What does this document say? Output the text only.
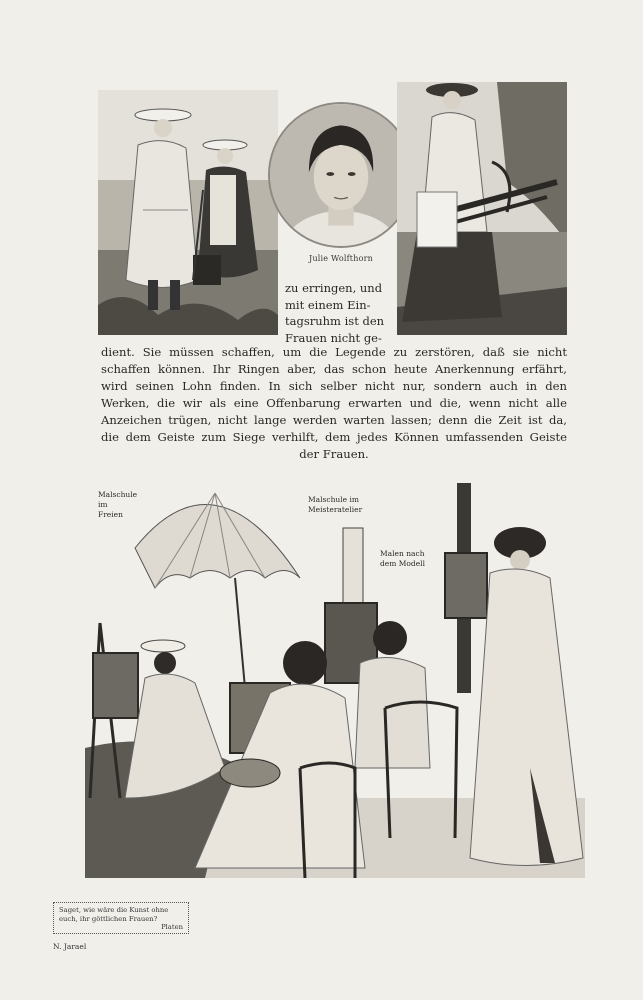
Julie Wolfthorn
zu erringen, und
mit einem Ein-
tagsruhm ist den
Frauen nicht ge-
dient. Sie müssen schaffen, um die Legende zu zerstören, daß sie nicht
schaffen können. Ihr Ringen aber, das schon heute Anerkennung erfährt,
wird seinen Lohn finden. In sich selber nicht nur, sondern auch in den
Werken, die wir als eine Offenbarung erwarten und die, wenn nicht alle
Anzeichen trügen, nicht lange werden warten lassen; denn die Zeit ist da,
die dem Geiste zum Siege verhilft, dem jedes Können umfassenden Geiste
der Frauen.
Malschule
im
Freien
Malschule im
Meisteratelier
Malen nach
dem Modell
Saget, wie wäre die Kunst ohne
euch, ihr göttlichen Frauen?
Platen
N. Jarael
